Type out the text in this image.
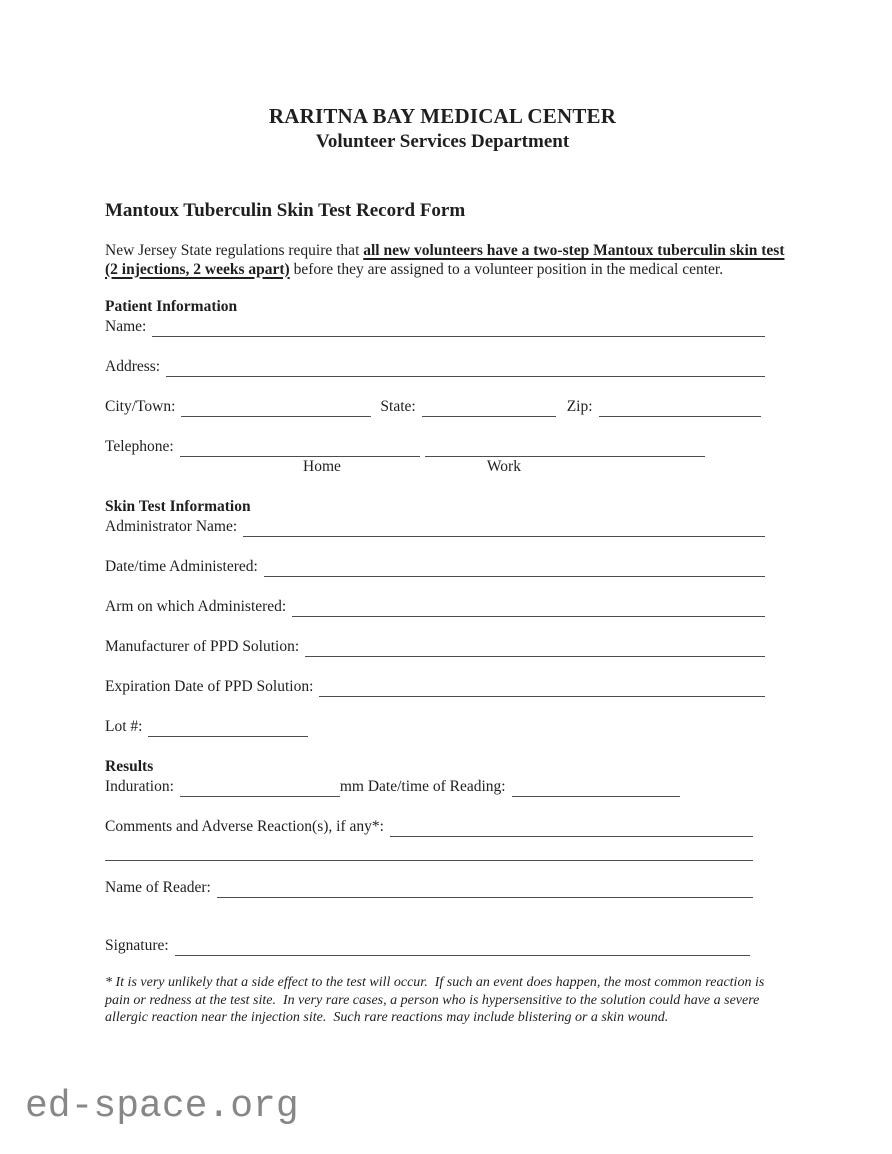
RARITNA BAY MEDICAL CENTER
Volunteer Services Department
Mantoux Tuberculin Skin Test Record Form
New Jersey State regulations require that all new volunteers have a two-step Mantoux tuberculin skin test (2 injections, 2 weeks apart) before they are assigned to a volunteer position in the medical center.
Patient Information
Name:
Address:
City/Town:	State:	Zip:
Telephone:
Home	Work
Skin Test Information
Administrator Name:
Date/time Administered:
Arm on which Administered:
Manufacturer of PPD Solution:
Expiration Date of PPD Solution:
Lot #:
Results
Induration:	mm Date/time of Reading:
Comments and Adverse Reaction(s), if any*:
Name of Reader:
Signature:
* It is very unlikely that a side effect to the test will occur.  If such an event does happen, the most common reaction is pain or redness at the test site.  In very rare cases, a person who is hypersensitive to the solution could have a severe allergic reaction near the injection site.  Such rare reactions may include blistering or a skin wound.
ed-space.org
